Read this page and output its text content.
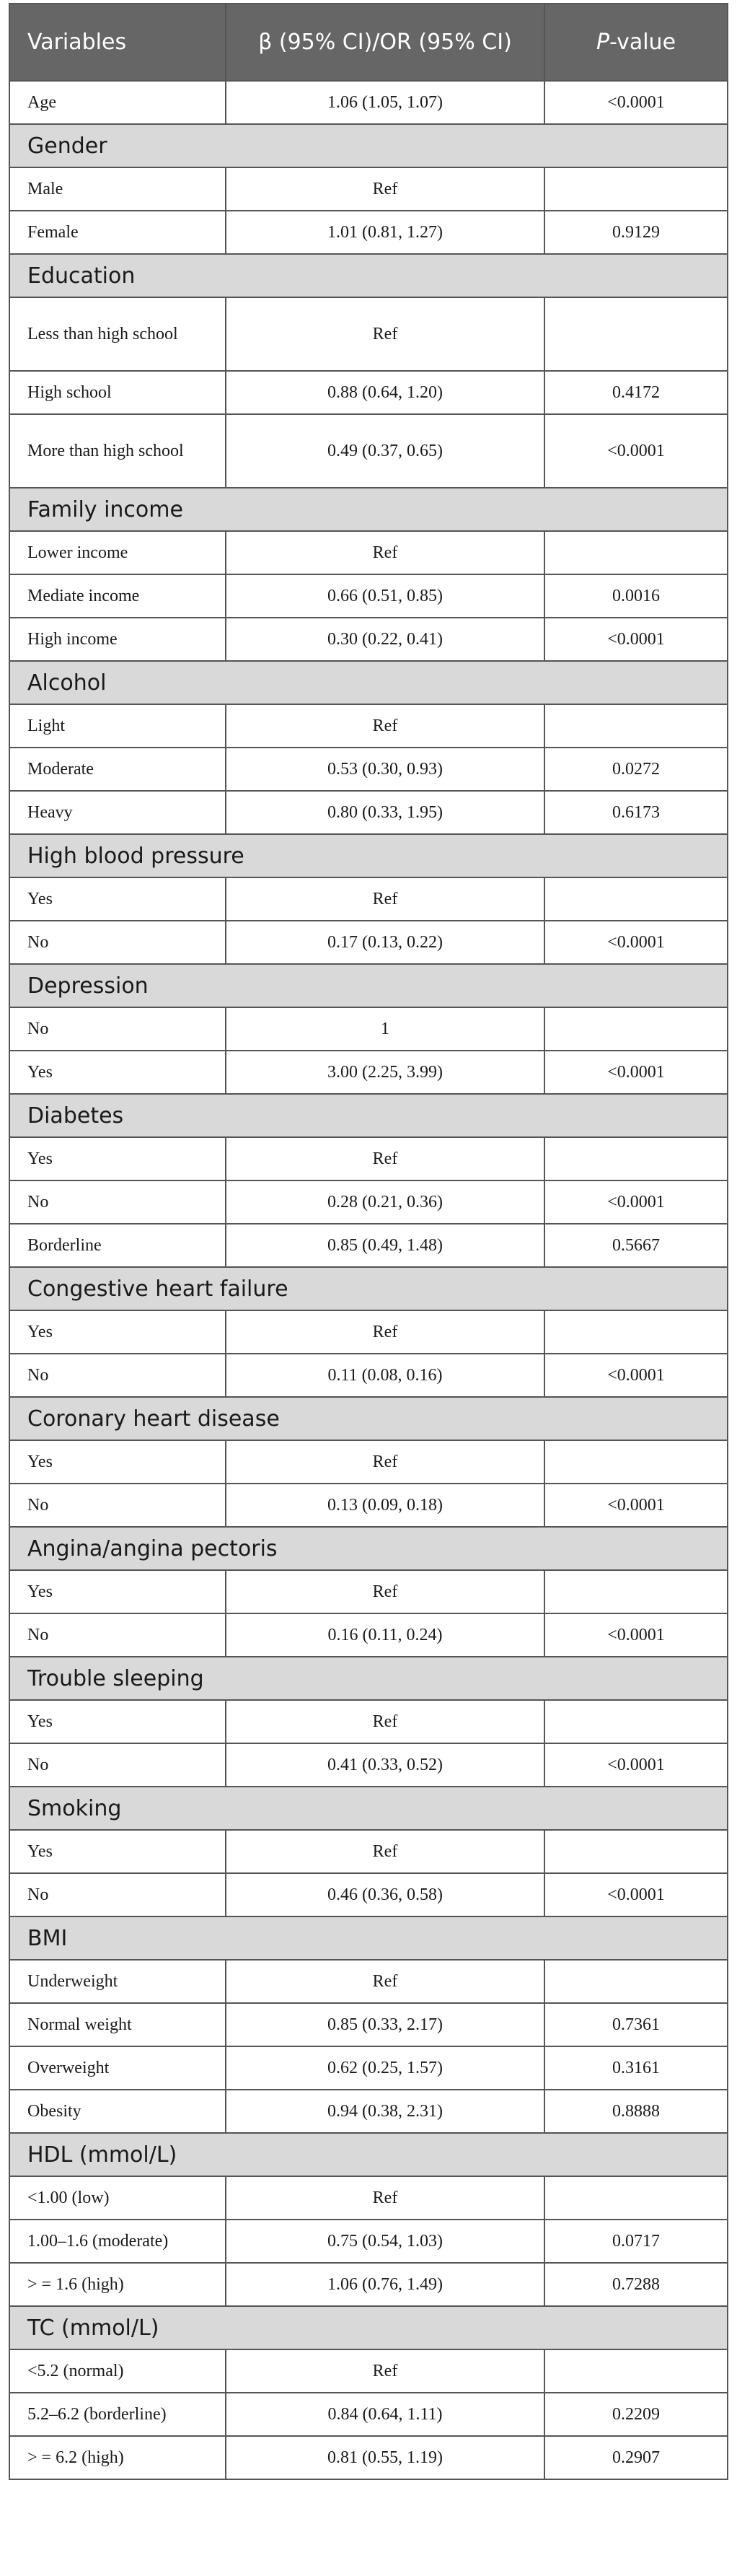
Variables	β (95% CI)/OR (95% CI)	P-value
Age	1.06 (1.05, 1.07)	<0.0001
Gender		
Male	Ref	
Female	1.01 (0.81, 1.27)	0.9129
Education		
Less than high school	Ref	
High school	0.88 (0.64, 1.20)	0.4172
More than high school	0.49 (0.37, 0.65)	<0.0001
Family income		
Lower income	Ref	
Mediate income	0.66 (0.51, 0.85)	0.0016
High income	0.30 (0.22, 0.41)	<0.0001
Alcohol		
Light	Ref	
Moderate	0.53 (0.30, 0.93)	0.0272
Heavy	0.80 (0.33, 1.95)	0.6173
High blood pressure		
Yes	Ref	
No	0.17 (0.13, 0.22)	<0.0001
Depression		
No	1	
Yes	3.00 (2.25, 3.99)	<0.0001
Diabetes		
Yes	Ref	
No	0.28 (0.21, 0.36)	<0.0001
Borderline	0.85 (0.49, 1.48)	0.5667
Congestive heart failure		
Yes	Ref	
No	0.11 (0.08, 0.16)	<0.0001
Coronary heart disease		
Yes	Ref	
No	0.13 (0.09, 0.18)	<0.0001
Angina/angina pectoris		
Yes	Ref	
No	0.16 (0.11, 0.24)	<0.0001
Trouble sleeping		
Yes	Ref	
No	0.41 (0.33, 0.52)	<0.0001
Smoking		
Yes	Ref	
No	0.46 (0.36, 0.58)	<0.0001
BMI		
Underweight	Ref	
Normal weight	0.85 (0.33, 2.17)	0.7361
Overweight	0.62 (0.25, 1.57)	0.3161
Obesity	0.94 (0.38, 2.31)	0.8888
HDL (mmol/L)		
<1.00 (low)	Ref	
1.00–1.6 (moderate)	0.75 (0.54, 1.03)	0.0717
> = 1.6 (high)	1.06 (0.76, 1.49)	0.7288
TC (mmol/L)		
<5.2 (normal)	Ref	
5.2–6.2 (borderline)	0.84 (0.64, 1.11)	0.2209
> = 6.2 (high)	0.81 (0.55, 1.19)	0.2907
